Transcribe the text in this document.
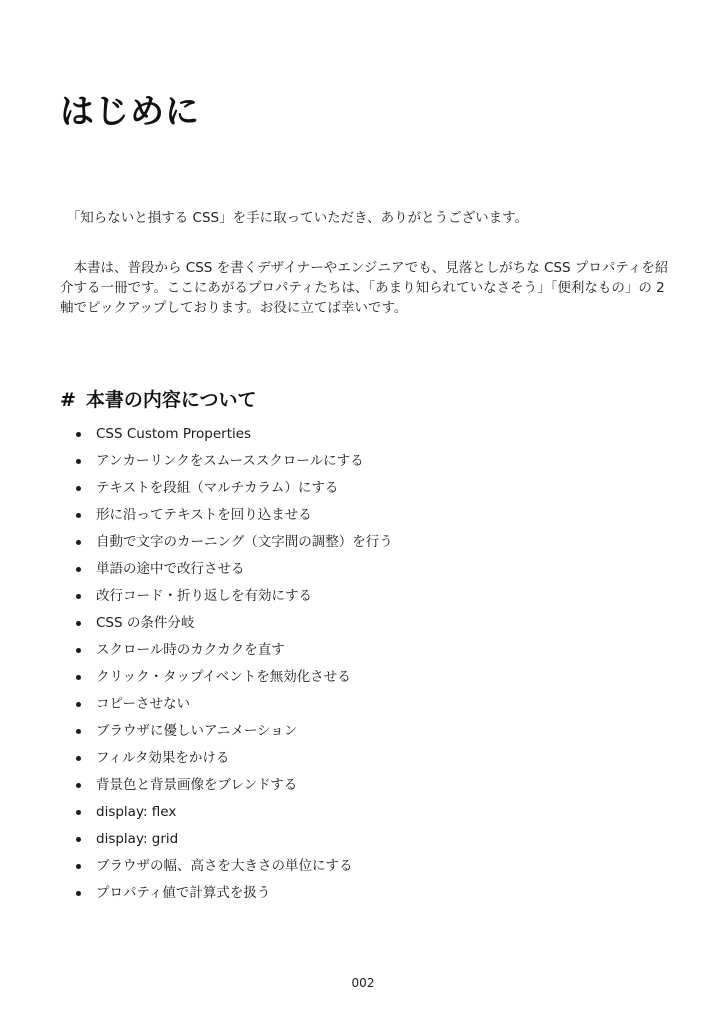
はじめに

　「知らないと損する CSS」を手に取っていただき、ありがとうございます。

　本書は、普段から CSS を書くデザイナーやエンジニアでも、見落としがちな CSS プロパティを紹介する一冊です。ここにあがるプロパティたちは、「あまり知られていなさそう」「便利なもの」の 2 軸でピックアップしております。お役に立てば幸いです。

# 本書の内容について
CSS Custom Properties
アンカーリンクをスムーススクロールにする
テキストを段組（マルチカラム）にする
形に沿ってテキストを回り込ませる
自動で文字のカーニング（文字間の調整）を行う
単語の途中で改行させる
改行コード・折り返しを有効にする
CSS の条件分岐
スクロール時のカクカクを直す
クリック・タップイベントを無効化させる
コピーさせない
ブラウザに優しいアニメーション
フィルタ効果をかける
背景色と背景画像をブレンドする
display: flex
display: grid
ブラウザの幅、高さを大きさの単位にする
プロパティ値で計算式を扱う
002
